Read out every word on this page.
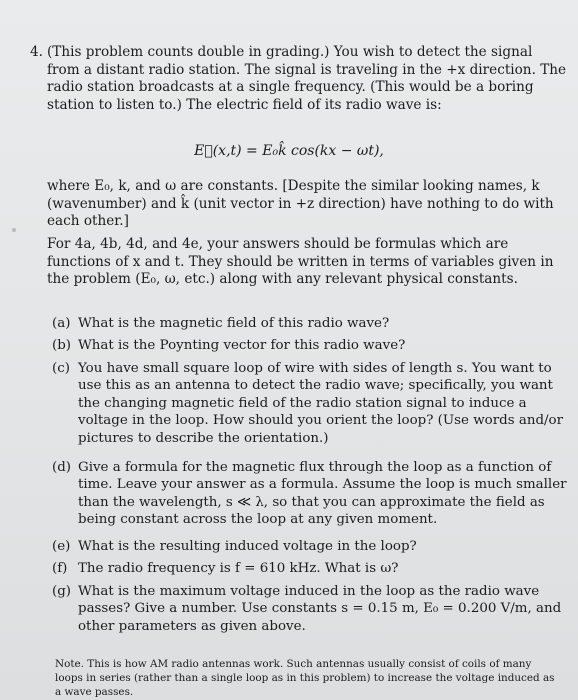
4. (This problem counts double in grading.) You wish to detect the signal from a distant radio station. The signal is traveling in the +x direction. The radio station broadcasts at a single frequency. (This would be a boring station to listen to.) The electric field of its radio wave is:

E⃗(x,t) = E₀k̂ cos(kx − ωt),

where E₀, k, and ω are constants. [Despite the similar looking names, k (wavenumber) and k̂ (unit vector in +z direction) have nothing to do with each other.]

For 4a, 4b, 4d, and 4e, your answers should be formulas which are functions of x and t. They should be written in terms of variables given in the problem (E₀, ω, etc.) along with any relevant physical constants.

(a) What is the magnetic field of this radio wave?
(b) What is the Poynting vector for this radio wave?
(c) You have small square loop of wire with sides of length s. You want to use this as an antenna to detect the radio wave; specifically, you want the changing magnetic field of the radio station signal to induce a voltage in the loop. How should you orient the loop? (Use words and/or pictures to describe the orientation.)
(d) Give a formula for the magnetic flux through the loop as a function of time. Leave your answer as a formula. Assume the loop is much smaller than the wavelength, s ≪ λ, so that you can approximate the field as being constant across the loop at any given moment.
(e) What is the resulting induced voltage in the loop?
(f) The radio frequency is f = 610 kHz. What is ω?
(g) What is the maximum voltage induced in the loop as the radio wave passes? Give a number. Use constants s = 0.15 m, E₀ = 0.200 V/m, and other parameters as given above.

Note. This is how AM radio antennas work. Such antennas usually consist of coils of many loops in series (rather than a single loop as in this problem) to increase the voltage induced as a wave passes.
